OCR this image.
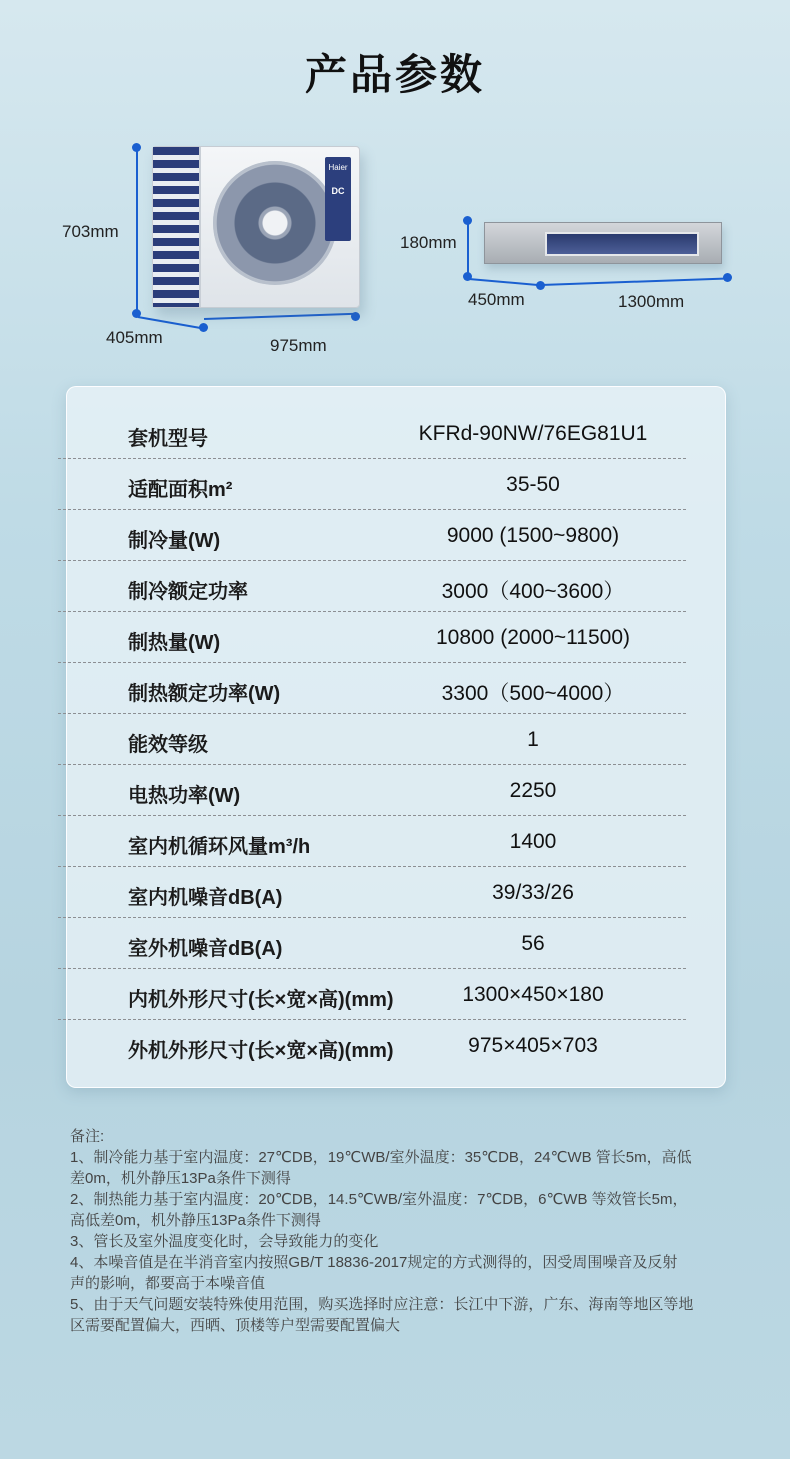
产品参数
Haier
DC
703mm
405mm	975mm
180mm
450mm	1300mm
套机型号	KFRd-90NW/76EG81U1
适配面积m²	35-50
制冷量(W)	9000 (1500~9800)
制冷额定功率	3000（400~3600）
制热量(W)	10800 (2000~11500)
制热额定功率(W)	3300（500~4000）
能效等级	1
电热功率(W)	2250
室内机循环风量m³/h	1400
室内机噪音dB(A)	39/33/26
室外机噪音dB(A)	56
内机外形尺寸(长×宽×高)(mm)	1300×450×180
外机外形尺寸(长×宽×高)(mm)	975×405×703
备注:
1、制冷能力基于室内温度：27℃DB，19℃WB/室外温度：35℃DB，24℃WB 管长5m，高低
差0m，机外静压13Pa条件下测得
2、制热能力基于室内温度：20℃DB，14.5℃WB/室外温度：7℃DB，6℃WB 等效管长5m，
高低差0m，机外静压13Pa条件下测得
3、管长及室外温度变化时，会导致能力的变化
4、本噪音值是在半消音室内按照GB/T 18836-2017规定的方式测得的，因受周围噪音及反射
声的影响，都要高于本噪音值
5、由于天气问题安装特殊使用范围，购买选择时应注意：长江中下游，广东、海南等地区等地
区需要配置偏大，西晒、顶楼等户型需要配置偏大
